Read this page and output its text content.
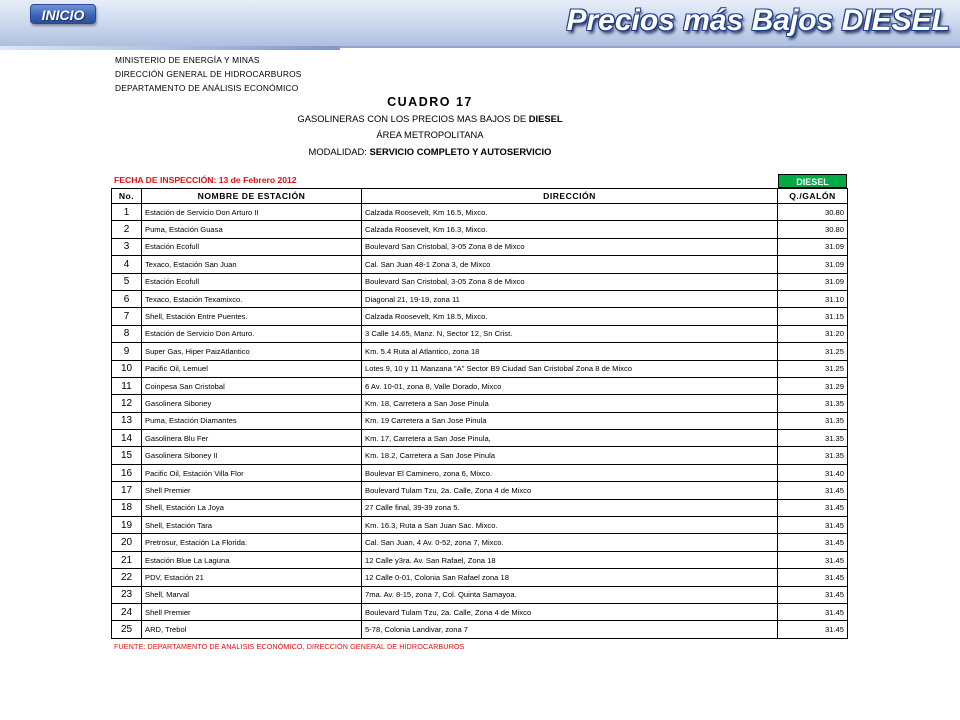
INICIO	Precios más Bajos DIESEL
MINISTERIO DE ENERGÍA Y MINAS
DIRECCIÓN GENERAL DE HIDROCARBUROS
DEPARTAMENTO DE ANÁLISIS ECONÓMICO
CUADRO 17
GASOLINERAS CON LOS PRECIOS MAS BAJOS DE DIESEL
ÁREA METROPOLITANA
MODALIDAD: SERVICIO COMPLETO Y AUTOSERVICIO
FECHA DE INSPECCIÓN: 13 de Febrero 2012	DIESEL
No.	NOMBRE DE ESTACIÓN	DIRECCIÓN	Q./GALÓN
1	Estación de Servicio Don Arturo II	Calzada Roosevelt, Km 16.5, Mixco.	30.80
2	Puma, Estación Guasa	Calzada Roosevelt, Km 16.3, Mixco.	30.80
3	Estación Ecofull	Boulevard San Cristobal, 3-05 Zona 8 de Mixco	31.09
4	Texaco, Estación San Juan	Cal. San Juan 48-1 Zona 3, de Mixco	31.09
5	Estación Ecofull	Boulevard San Cristobal, 3-05 Zona 8 de Mixco	31.09
6	Texaco, Estación Texamixco.	Diagonal 21, 19-19, zona 11	31.10
7	Shell, Estación Entre Puentes.	Calzada Roosevelt, Km 18.5, Mixco.	31.15
8	Estación de Servicio Don Arturo.	3 Calle 14.65, Manz. N, Sector 12, Sn Crist.	31.20
9	Super Gas, Hiper PaizAtlantico	Km. 5.4 Ruta al Atlantico, zona 18	31.25
10	Pacific Oil, Lemuel	Lotes 9, 10 y 11 Manzana "A" Sector B9 Ciudad San Cristobal Zona 8 de Mixco	31.25
11	Coinpesa San Cristobal	6 Av. 10-01, zona 8, Valle Dorado, Mixco	31.29
12	Gasolinera Siboney	Km. 18, Carretera a San Jose Pinula	31.35
13	Puma, Estación Diamantes	Km. 19 Carretera a San Jose Pinula	31.35
14	Gasolinera Blu Fer	Km. 17, Carretera a San Jose Pinula,	31.35
15	Gasolinera Siboney II	Km. 18.2, Carretera a San Jose Pinula	31.35
16	Pacific Oil, Estación Villa Flor	Boulevar El Caminero, zona 6, Mixco.	31.40
17	Shell Premier	Boulevard Tulam Tzu, 2a. Calle, Zona 4 de Mixco	31.45
18	Shell, Estación La Joya	27 Calle final, 39-39 zona 5.	31.45
19	Shell, Estación Tara	Km. 16.3, Ruta a San Juan Sac. Mixco.	31.45
20	Pretrosur, Estación La Florida.	Cal. San Juan, 4 Av. 0-52, zona 7, Mixco.	31.45
21	Estación Blue La Laguna	12 Calle y3ra. Av. San Rafael, Zona 18	31.45
22	PDV, Estación 21	12 Calle 0-01, Colonia San Rafael zona 18	31.45
23	Shell, Marval	7ma. Av. 8-15, zona 7, Col. Quinta Samayoa.	31.45
24	Shell Premier	Boulevard Tulam Tzu, 2a. Calle, Zona 4 de Mixco	31.45
25	ARD, Trebol	5-78, Colonia Landivar, zona 7	31.45
FUENTE: DEPARTAMENTO DE ANALISIS ECONÓMICO, DIRECCIÓN GENERAL DE HIDROCARBUROS
